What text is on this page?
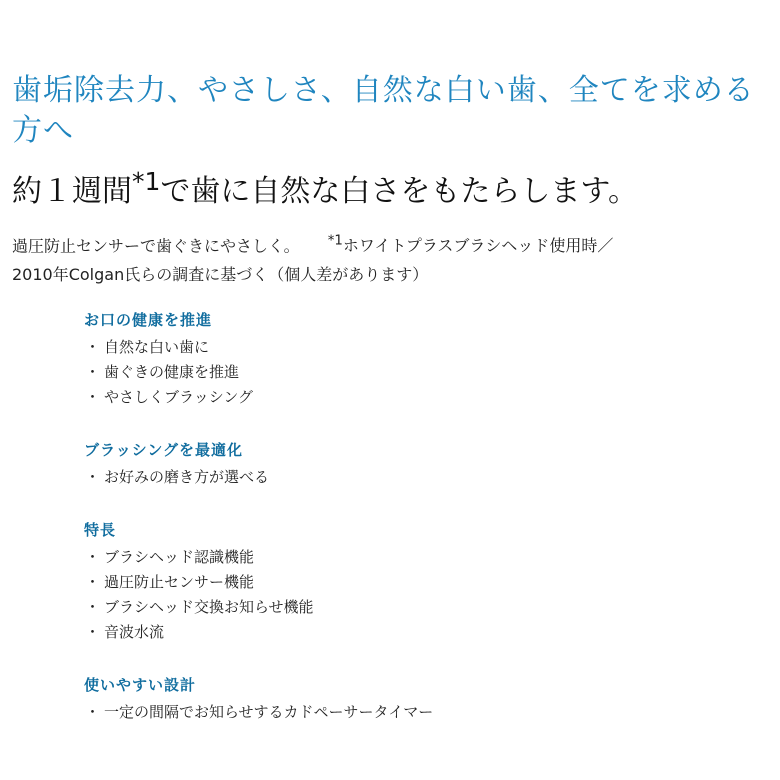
歯垢除去力、やさしさ、自然な白い歯、全てを求める方へ

約１週間$^{*1}$で歯に自然な白さをもたらします。

過圧防止センサーで歯ぐきにやさしく。 $^{*1}$ホワイトプラスブラシヘッド使用時／
2010年Colgan氏らの調査に基づく（個人差があります）

お口の健康を推進
・ 自然な白い歯に
・ 歯ぐきの健康を推進
・ やさしくブラッシング
ブラッシングを最適化
・ お好みの磨き方が選べる
特長
・ ブラシヘッド認識機能
・ 過圧防止センサー機能
・ ブラシヘッド交換お知らせ機能
・ 音波水流
使いやすい設計
・ 一定の間隔でお知らせするカドペーサータイマー
